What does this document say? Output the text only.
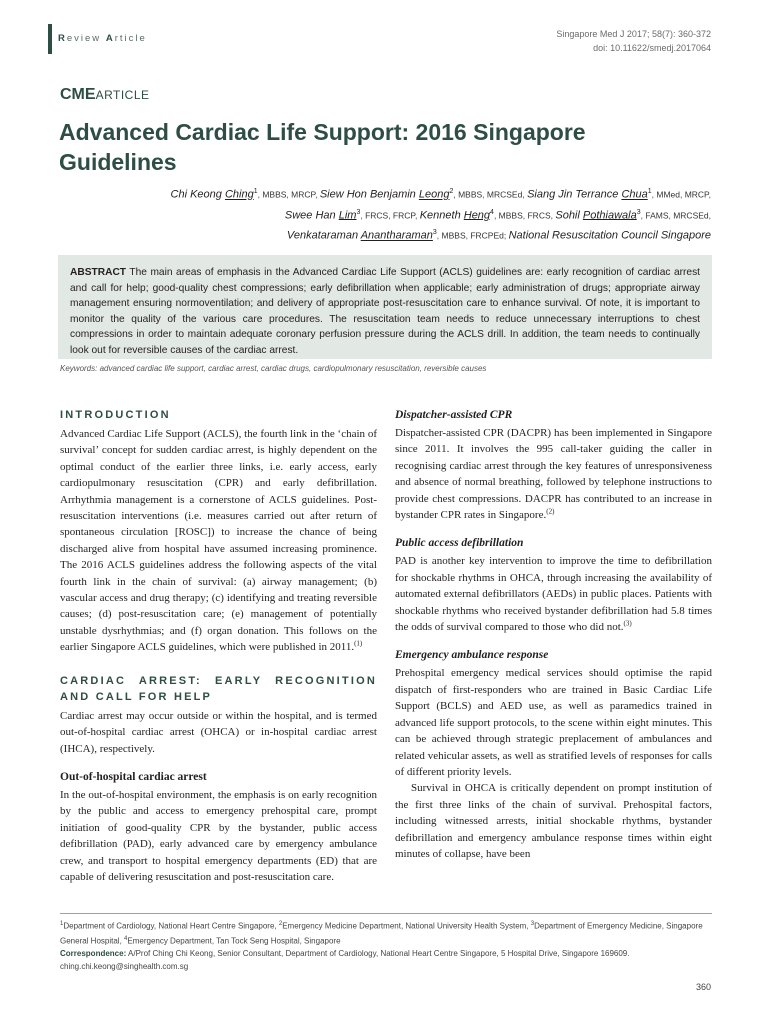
Review Article	Singapore Med J 2017; 58(7): 360-372
doi: 10.11622/smedj.2017064
CMEARTICLE
Advanced Cardiac Life Support: 2016 Singapore Guidelines
Chi Keong Ching$^1$, MBBS, MRCP, Siew Hon Benjamin Leong$^2$, MBBS, MRCSEd, Siang Jin Terrance Chua$^1$, MMed, MRCP,
Swee Han Lim$^3$, FRCS, FRCP, Kenneth Heng$^4$, MBBS, FRCS, Sohil Pothiawala$^3$, FAMS, MRCSEd,
Venkataraman Anantharaman$^3$, MBBS, FRCPEd; National Resuscitation Council Singapore
ABSTRACT The main areas of emphasis in the Advanced Cardiac Life Support (ACLS) guidelines are: early recognition of cardiac arrest and call for help; good-quality chest compressions; early defibrillation when applicable; early administration of drugs; appropriate airway management ensuring normoventilation; and delivery of appropriate post-resuscitation care to enhance survival. Of note, it is important to monitor the quality of the various care procedures. The resuscitation team needs to reduce unnecessary interruptions to chest compressions in order to maintain adequate coronary perfusion pressure during the ACLS drill. In addition, the team needs to continually look out for reversible causes of the cardiac arrest.
Keywords: advanced cardiac life support, cardiac arrest, cardiac drugs, cardiopulmonary resuscitation, reversible causes
INTRODUCTION

Advanced Cardiac Life Support (ACLS), the fourth link in the ‘chain of survival’ concept for sudden cardiac arrest, is highly dependent on the optimal conduct of the earlier three links, i.e. early access, early cardiopulmonary resuscitation (CPR) and early defibrillation. Arrhythmia management is a cornerstone of ACLS guidelines. Post-resuscitation interventions (i.e. measures carried out after return of spontaneous circulation [ROSC]) to increase the chance of being discharged alive from hospital have assumed increasing prominence. The 2016 ACLS guidelines address the following aspects of the vital fourth link in the chain of survival: (a) airway management; (b) vascular access and drug therapy; (c) identifying and treating reversible causes; (d) post-resuscitation care; (e) management of potentially unstable dysrhythmias; and (f) organ donation. This follows on the earlier Singapore ACLS guidelines, which were published in 2011.$^{(1)}$

CARDIAC ARREST: EARLY RECOGNITION AND CALL FOR HELP

Cardiac arrest may occur outside or within the hospital, and is termed out-of-hospital cardiac arrest (OHCA) or in-hospital cardiac arrest (IHCA), respectively.

Out-of-hospital cardiac arrest

In the out-of-hospital environment, the emphasis is on early recognition by the public and access to emergency prehospital care, prompt initiation of good-quality CPR by the bystander, public access defibrillation (PAD), early advanced care by emergency ambulance crew, and transport to hospital emergency departments (ED) that are capable of delivering resuscitation and post-resuscitation care.

Dispatcher-assisted CPR

Dispatcher-assisted CPR (DACPR) has been implemented in Singapore since 2011. It involves the 995 call-taker guiding the caller in recognising cardiac arrest through the key features of unresponsiveness and absence of normal breathing, followed by telephone instructions to provide chest compressions. DACPR has contributed to an increase in bystander CPR rates in Singapore.$^{(2)}$

Public access defibrillation

PAD is another key intervention to improve the time to defibrillation for shockable rhythms in OHCA, through increasing the availability of automated external defibrillators (AEDs) in public places. Patients with shockable rhythms who received bystander defibrillation had 5.8 times the odds of survival compared to those who did not.$^{(3)}$

Emergency ambulance response

Prehospital emergency medical services should optimise the rapid dispatch of first-responders who are trained in Basic Cardiac Life Support (BCLS) and AED use, as well as paramedics trained in advanced life support protocols, to the scene within eight minutes. This can be achieved through strategic preplacement of ambulances and related vehicular assets, as well as stratified levels of responses for calls of different priority levels.

Survival in OHCA is critically dependent on prompt institution of the first three links of the chain of survival. Prehospital factors, including witnessed arrests, initial shockable rhythms, bystander defibrillation and emergency ambulance response times within eight minutes of collapse, have been

$^1$Department of Cardiology, National Heart Centre Singapore, $^2$Emergency Medicine Department, National University Health System, $^3$Department of Emergency Medicine, Singapore General Hospital, $^4$Emergency Department, Tan Tock Seng Hospital, Singapore
Correspondence: A/Prof Ching Chi Keong, Senior Consultant, Department of Cardiology, National Heart Centre Singapore, 5 Hospital Drive, Singapore 169609. ching.chi.keong@singhealth.com.sg
360
